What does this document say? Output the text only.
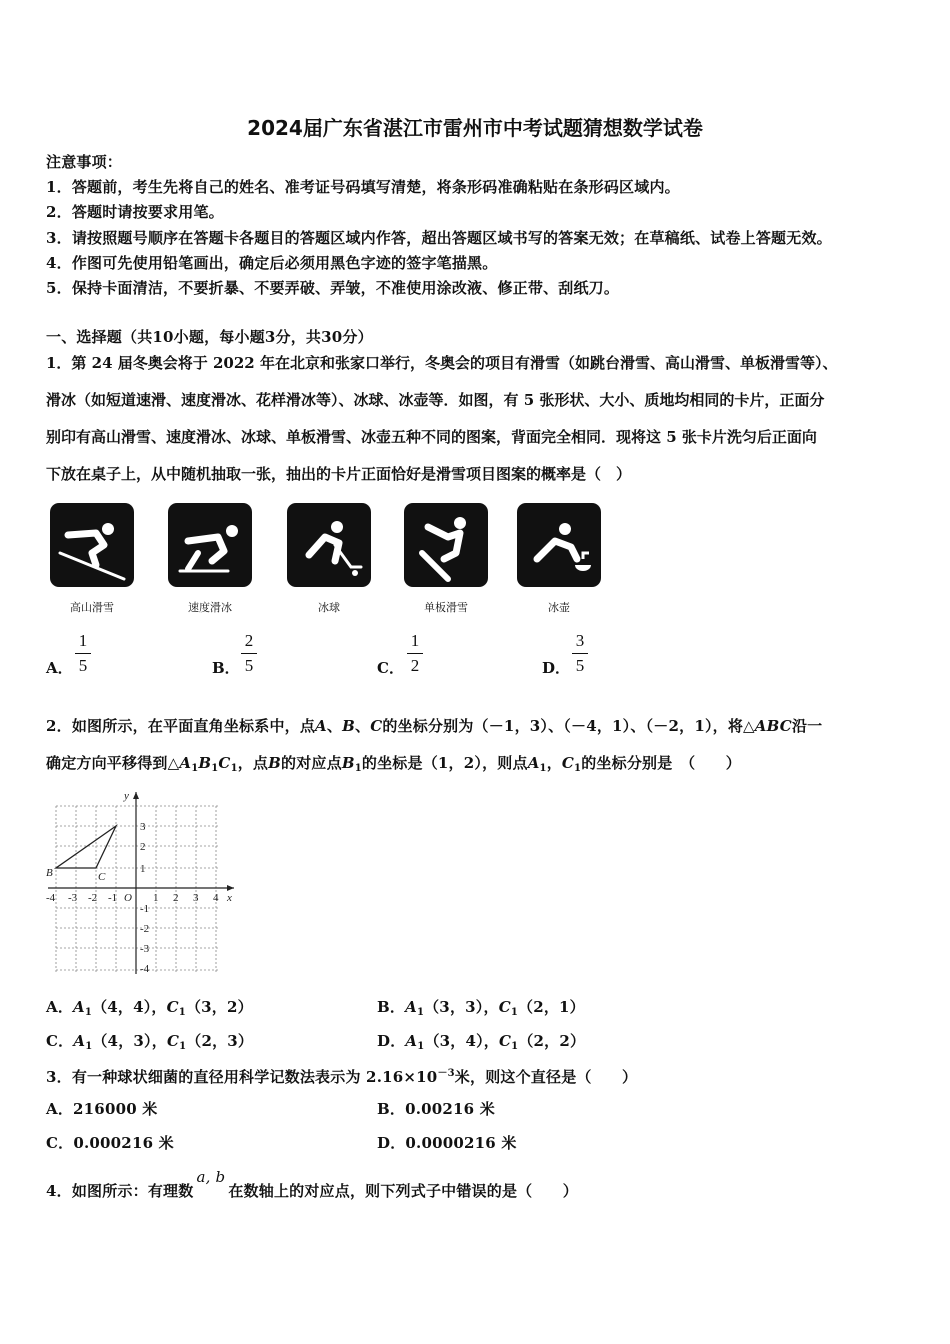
2024届广东省湛江市雷州市中考试题猜想数学试卷
注意事项：
1．答题前，考生先将自己的姓名、准考证号码填写清楚，将条形码准确粘贴在条形码区域内。
2．答题时请按要求用笔。
3．请按照题号顺序在答题卡各题目的答题区域内作答，超出答题区域书写的答案无效；在草稿纸、试卷上答题无效。
4．作图可先使用铅笔画出，确定后必须用黑色字迹的签字笔描黑。
5．保持卡面清洁，不要折暴、不要弄破、弄皱，不准使用涂改液、修正带、刮纸刀。
一、选择题（共10小题，每小题3分，共30分）
1．第 24 届冬奥会将于 2022 年在北京和张家口举行，冬奥会的项目有滑雪（如跳台滑雪、高山滑雪、单板滑雪等）、
滑冰（如短道速滑、速度滑冰、花样滑冰等）、冰球、冰壶等．如图，有 5 张形状、大小、质地均相同的卡片，正面分
别印有高山滑雪、速度滑冰、冰球、单板滑雪、冰壶五种不同的图案，背面完全相同．现将这 5 张卡片洗匀后正面向
下放在桌子上，从中随机抽取一张，抽出的卡片正面恰好是滑雪项目图案的概率是（　）
高山滑雪	速度滑冰	冰球	单板滑雪	冰壶
A．
1
5	B．
2
5	C．
1
2	D．
3
5
2．如图所示，在平面直角坐标系中，点A、B、C的坐标分别为（－1，3）、（－4，1）、（－2，1），将△ABC沿一
确定方向平移得到$\triangle A_1B_1C_1$，点B的对应点$B_1$的坐标是（1，2），则点$A_1$，$C_1$的坐标分别是　（　　）
x
y
O
B	C
-4 -3 -2 -1	1 2 3 4
3
2
1
-1
-2
-3
-4
A．$A_1(4$，4），$C_1(3$，2）	B．$A_1(3$，3），$C_1(2$，1）
C．$A_1(4$，3），$C_1(2$，3）	D．$A_1(3$，4），$C_1(2$，2）
3．有一种球状细菌的直径用科学记数法表示为 $2.16\times 10^{-3}$米，则这个直径是（　　）
A．216000 米	B．0.00216 米
C．0.000216 米	D．0.0000216 米
4．如图所示：有理数a, b在数轴上的对应点，则下列式子中错误的是（　　）
